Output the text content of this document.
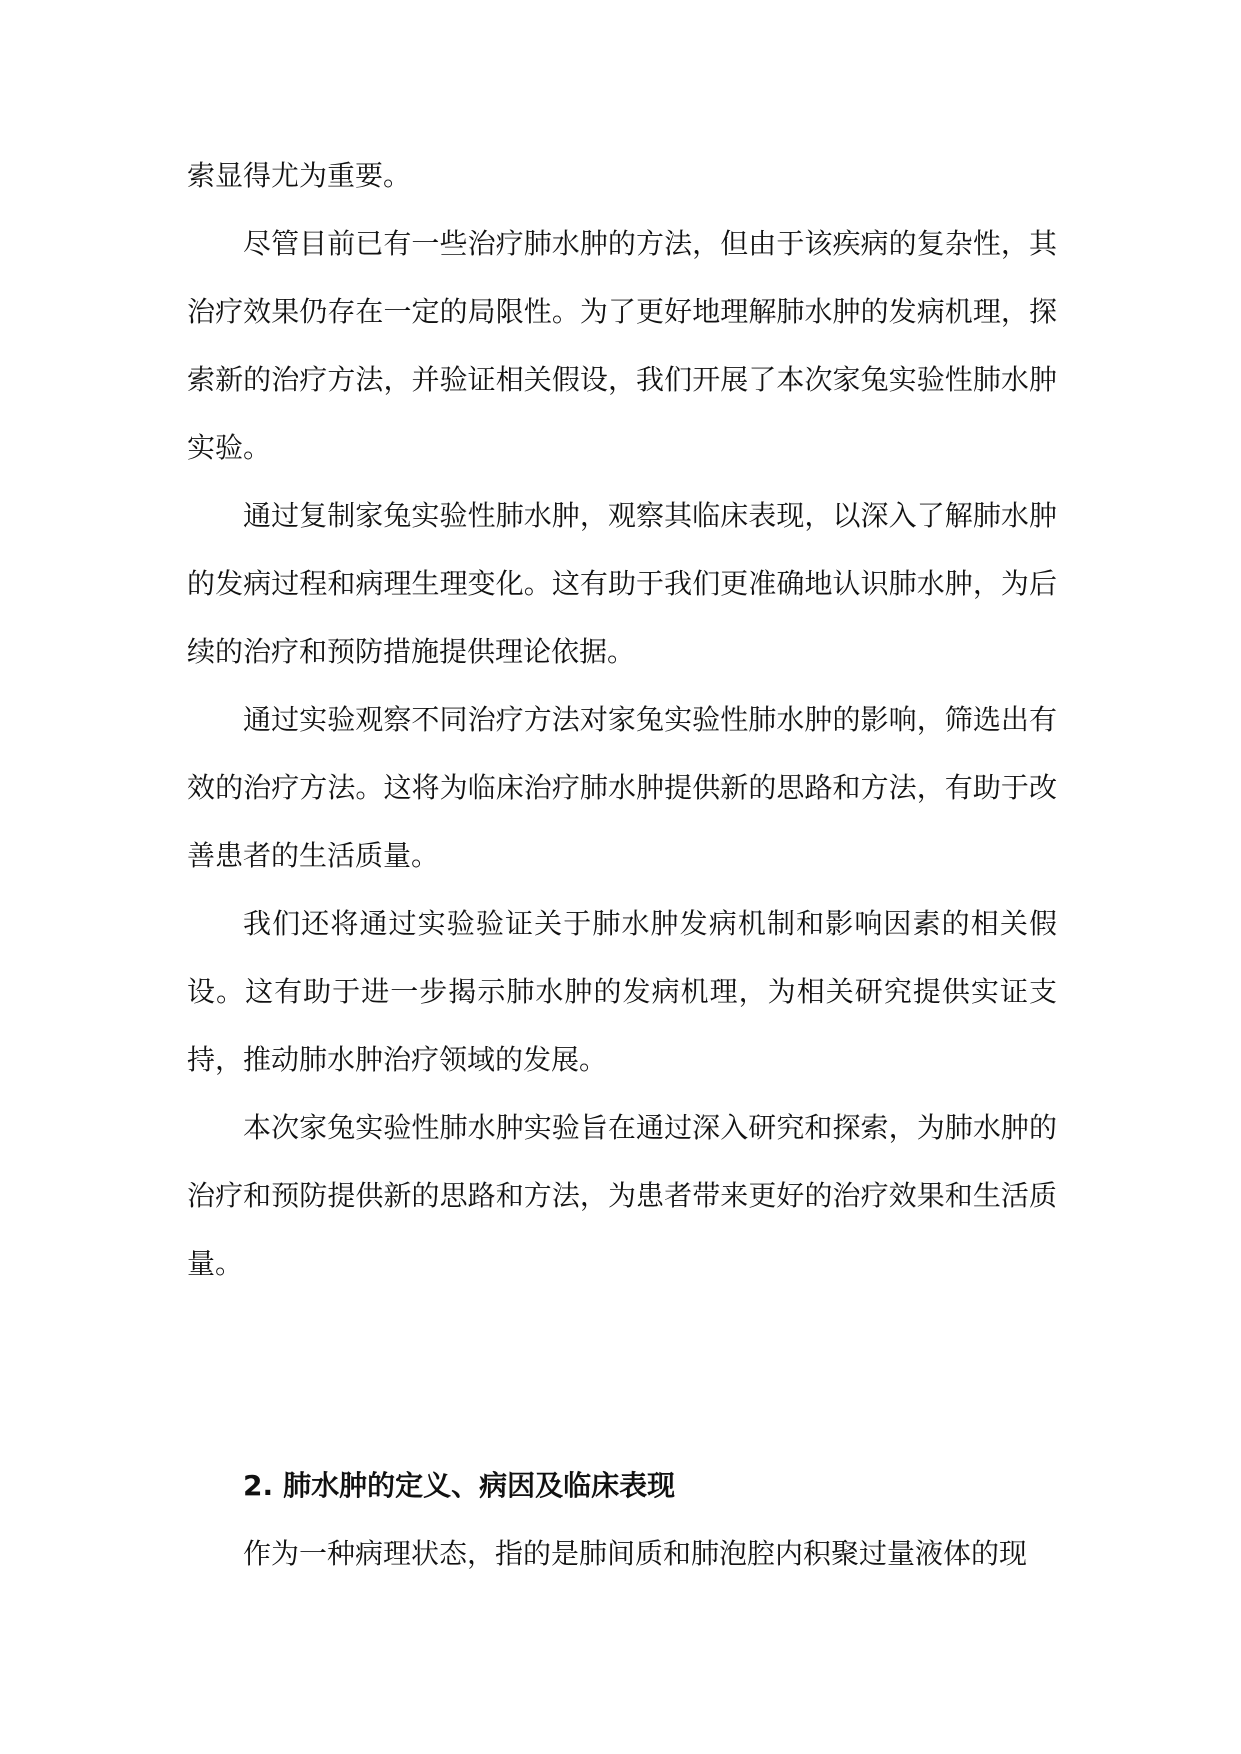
索显得尤为重要。

尽管目前已有一些治疗肺水肿的方法，但由于该疾病的复杂性，其治疗效果仍存在一定的局限性。为了更好地理解肺水肿的发病机理，探索新的治疗方法，并验证相关假设，我们开展了本次家兔实验性肺水肿实验。

通过复制家兔实验性肺水肿，观察其临床表现，以深入了解肺水肿的发病过程和病理生理变化。这有助于我们更准确地认识肺水肿，为后续的治疗和预防措施提供理论依据。

通过实验观察不同治疗方法对家兔实验性肺水肿的影响，筛选出有效的治疗方法。这将为临床治疗肺水肿提供新的思路和方法，有助于改善患者的生活质量。

我们还将通过实验验证关于肺水肿发病机制和影响因素的相关假设。这有助于进一步揭示肺水肿的发病机理，为相关研究提供实证支持，推动肺水肿治疗领域的发展。

本次家兔实验性肺水肿实验旨在通过深入研究和探索，为肺水肿的治疗和预防提供新的思路和方法，为患者带来更好的治疗效果和生活质量。

2. 肺水肿的定义、病因及临床表现

作为一种病理状态，指的是肺间质和肺泡腔内积聚过量液体的现
